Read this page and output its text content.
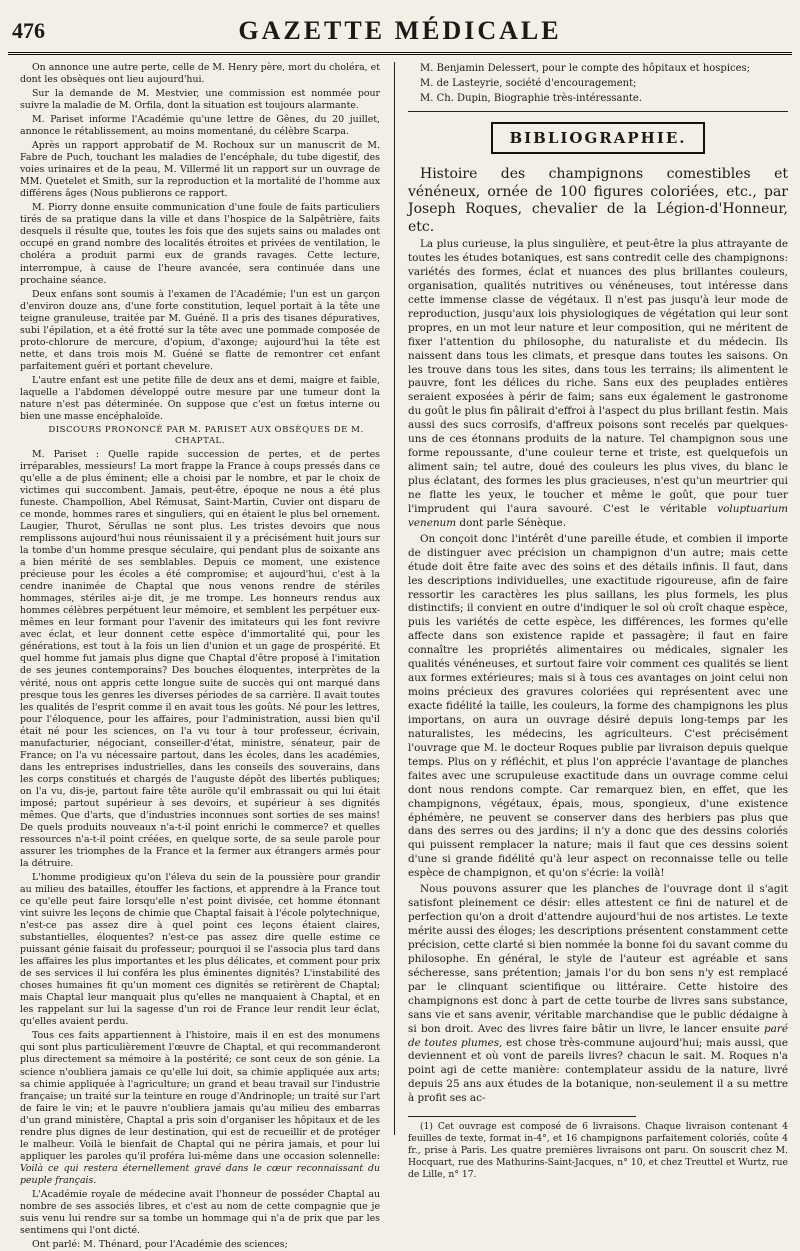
476	GAZETTE MÉDICALE

On annonce une autre perte, celle de M. Henry père, mort du choléra, et dont les obsèques ont lieu aujourd'hui.

Sur la demande de M. Mestvier, une commission est nommée pour suivre la maladie de M. Orfila, dont la situation est toujours alarmante.

M. Pariset informe l'Académie qu'une lettre de Gênes, du 20 juillet, annonce le rétablissement, au moins momentané, du célèbre Scarpa.

Après un rapport approbatif de M. Rochoux sur un manuscrit de M. Fabre de Puch, touchant les maladies de l'encéphale, du tube digestif, des voies urinaires et de la peau, M. Villermé lit un rapport sur un ouvrage de MM. Quetelet et Smith, sur la reproduction et la mortalité de l'homme aux différens âges (Nous publierons ce rapport.

M. Piorry donne ensuite communication d'une foule de faits particuliers tirés de sa pratique dans la ville et dans l'hospice de la Salpêtrière, faits desquels il résulte que, toutes les fois que des sujets sains ou malades ont occupé en grand nombre des localités étroites et privées de ventilation, le choléra a produit parmi eux de grands ravages. Cette lecture, interrompue, à cause de l'heure avancée, sera continuée dans une prochaine séance.

Deux enfans sont soumis à l'examen de l'Académie; l'un est un garçon d'environ douze ans, d'une forte constitution, lequel portait à la tête une teigne granuleuse, traitée par M. Guéné. Il a pris des tisanes dépuratives, subi l'épilation, et a été frotté sur la tête avec une pommade composée de proto-chlorure de mercure, d'opium, d'axonge; aujourd'hui la tête est nette, et dans trois mois M. Guéné se flatte de remontrer cet enfant parfaitement guéri et portant chevelure.

L'autre enfant est une petite fille de deux ans et demi, maigre et faible, laquelle a l'abdomen développé outre mesure par une tumeur dont la nature n'est pas déterminée. On suppose que c'est un fœtus interne ou bien une masse encéphaloïde.

DISCOURS PRONONCÉ PAR M. PARISET AUX OBSÈQUES DE M. CHAPTAL.

M. Pariset : Quelle rapide succession de pertes, et de pertes irréparables, messieurs! La mort frappe la France à coups pressés dans ce qu'elle a de plus éminent; elle a choisi par le nombre, et par le choix de victimes qui succombent. Jamais, peut-être, époque ne nous a été plus funeste. Champollion, Abel Rémusat, Saint-Martin, Cuvier ont disparu de ce monde, hommes rares et singuliers, qui en étaient le plus bel ornement. Laugier, Thurot, Sérullas ne sont plus. Les tristes devoirs que nous remplissons aujourd'hui nous réunissaient il y a précisément huit jours sur la tombe d'un homme presque séculaire, qui pendant plus de soixante ans a bien mérité de ses semblables. Depuis ce moment, une existence précieuse pour les écoles a été compromise; et aujourd'hui, c'est à la cendre inanimée de Chaptal que nous venons rendre de stériles hommages, stériles ai-je dit, je me trompe. Les honneurs rendus aux hommes célèbres perpétuent leur mémoire, et semblent les perpétuer eux-mêmes en leur formant pour l'avenir des imitateurs qui les font revivre avec éclat, et leur donnent cette espèce d'immortalité qui, pour les générations, est tout à la fois un lien d'union et un gage de prospérité. Et quel homme fut jamais plus digne que Chaptal d'être proposé à l'imitation de ses jeunes contemporains? Des bouches éloquentes, interprètes de la vérité, nous ont appris cette longue suite de succès qui ont marqué dans presque tous les genres les diverses périodes de sa carrière. Il avait toutes les qualités de l'esprit comme il en avait tous les goûts. Né pour les lettres, pour l'éloquence, pour les affaires, pour l'administration, aussi bien qu'il était né pour les sciences, on l'a vu tour à tour professeur, écrivain, manufacturier, négociant, conseiller-d'état, ministre, sénateur, pair de France; on l'a vu nécessaire partout, dans les écoles, dans les académies, dans les entreprises industrielles, dans les conseils des souverains, dans les corps constitués et chargés de l'auguste dépôt des libertés publiques; on l'a vu, dis-je, partout faire tête auröle qu'il embrassait ou qui lui était imposé; partout supérieur à ses devoirs, et supérieur à ses dignités mêmes. Que d'arts, que d'industries inconnues sont sorties de ses mains! De quels produits nouveaux n'a-t-il point enrichi le commerce? et quelles ressources n'a-t-il point créées, en quelque sorte, de sa seule parole pour assurer les triomphes de la France et la fermer aux étrangers armés pour la détruire.

L'homme prodigieux qu'on l'éleva du sein de la poussière pour grandir au milieu des batailles, étouffer les factions, et apprendre à la France tout ce qu'elle peut faire lorsqu'elle n'est point divisée, cet homme étonnant vint suivre les leçons de chimie que Chaptal faisait à l'école polytechnique, n'est-ce pas assez dire à quel point ces leçons étaient claires, substantielles, éloquentes? n'est-ce pas assez dire quelle estime ce puissant génie faisait du professeur; pourquoi il se l'associa plus tard dans les affaires les plus importantes et les plus délicates, et comment pour prix de ses services il lui conféra les plus éminentes dignités? L'instabilité des choses humaines fit qu'un moment ces dignités se retirèrent de Chaptal; mais Chaptal leur manquait plus qu'elles ne manquaient à Chaptal, et en les rappelant sur lui la sagesse d'un roi de France leur rendit leur éclat, qu'elles avaient perdu.

Tous ces faits appartiennent à l'histoire, mais il en est des monumens qui sont plus particulièrement l'œuvre de Chaptal, et qui recommanderont plus directement sa mémoire à la postérité; ce sont ceux de son génie. La science n'oubliera jamais ce qu'elle lui doit, sa chimie appliquée aux arts; sa chimie appliquée à l'agriculture; un grand et beau travail sur l'industrie française; un traité sur la teinture en rouge d'Andrinople; un traité sur l'art de faire le vin; et le pauvre n'oubliera jamais qu'au milieu des embarras d'un grand ministère, Chaptal a pris soin d'organiser les hôpitaux et de les rendre plus dignes de leur destination, qui est de recueillir et de protéger le malheur. Voilà le bienfait de Chaptal qui ne périra jamais, et pour lui appliquer les paroles qu'il proféra lui-même dans une occasion solennelle: Voilà ce qui restera éternellement gravé dans le cœur reconnaissant du peuple français.

L'Académie royale de médecine avait l'honneur de posséder Chaptal au nombre de ses associés libres, et c'est au nom de cette compagnie que je suis venu lui rendre sur sa tombe un hommage qui n'a de prix que par les sentimens qui l'ont dicté.

Ont parlé: M. Thénard, pour l'Académie des sciences;

M. Benjamin Delessert, pour le compte des hôpitaux et hospices;

M. de Lasteyrie, société d'encouragement;

M. Ch. Dupin, Biographie très-intéressante.

BIBLIOGRAPHIE.

Histoire des champignons comestibles et vénéneux, ornée de 100 figures coloriées, etc., par Joseph Roques, chevalier de la Légion-d'Honneur, etc.

La plus curieuse, la plus singulière, et peut-être la plus attrayante de toutes les études botaniques, est sans contredit celle des champignons: variétés des formes, éclat et nuances des plus brillantes couleurs, organisation, qualités nutritives ou vénéneuses, tout intéresse dans cette immense classe de végétaux. Il n'est pas jusqu'à leur mode de reproduction, jusqu'aux lois physiologiques de végétation qui leur sont propres, en un mot leur nature et leur composition, qui ne méritent de fixer l'attention du philosophe, du naturaliste et du médecin. Ils naissent dans tous les climats, et presque dans toutes les saisons. On les trouve dans tous les sites, dans tous les terrains; ils alimentent le pauvre, font les délices du riche. Sans eux des peuplades entières seraient exposées à périr de faim; sans eux également le gastronome du goût le plus fin pâlirait d'effroi à l'aspect du plus brillant festin. Mais aussi des sucs corrosifs, d'affreux poisons sont recelés par quelques-uns de ces étonnans produits de la nature. Tel champignon sous une forme repoussante, d'une couleur terne et triste, est quelquefois un aliment sain; tel autre, doué des couleurs les plus vives, du blanc le plus éclatant, des formes les plus gracieuses, n'est qu'un meurtrier qui ne flatte les yeux, le toucher et même le goût, que pour tuer l'imprudent qui l'aura savouré. C'est le véritable voluptuarium venenum dont parle Sénèque.

On conçoit donc l'intérêt d'une pareille étude, et combien il importe de distinguer avec précision un champignon d'un autre; mais cette étude doit être faite avec des soins et des détails infinis. Il faut, dans les descriptions individuelles, une exactitude rigoureuse, afin de faire ressortir les caractères les plus saillans, les plus formels, les plus distinctifs; il convient en outre d'indiquer le sol où croît chaque espèce, puis les variétés de cette espèce, les différences, les formes qu'elle affecte dans son existence rapide et passagère; il faut en faire connaître les propriétés alimentaires ou médicales, signaler les qualités vénéneuses, et surtout faire voir comment ces qualités se lient aux formes extérieures; mais si à tous ces avantages on joint celui non moins précieux des gravures coloriées qui représentent avec une exacte fidélité la taille, les couleurs, la forme des champignons les plus importans, on aura un ouvrage désiré depuis long-temps par les naturalistes, les médecins, les agriculteurs. C'est précisément l'ouvrage que M. le docteur Roques publie par livraison depuis quelque temps. Plus on y réfléchit, et plus l'on apprécie l'avantage de planches faites avec une scrupuleuse exactitude dans un ouvrage comme celui dont nous rendons compte. Car remarquez bien, en effet, que les champignons, végétaux, épais, mous, spongieux, d'une existence éphémère, ne peuvent se conserver dans des herbiers pas plus que dans des serres ou des jardins; il n'y a donc que des dessins coloriés qui puissent remplacer la nature; mais il faut que ces dessins soient d'une si grande fidélité qu'à leur aspect on reconnaisse telle ou telle espèce de champignon, et qu'on s'écrie: la voilà!

Nous pouvons assurer que les planches de l'ouvrage dont il s'agit satisfont pleinement ce désir: elles attestent ce fini de naturel et de perfection qu'on a droit d'attendre aujourd'hui de nos artistes. Le texte mérite aussi des éloges; les descriptions présentent constamment cette précision, cette clarté si bien nommée la bonne foi du savant comme du philosophe. En général, le style de l'auteur est agréable et sans sécheresse, sans prétention; jamais l'or du bon sens n'y est remplacé par le clinquant scientifique ou littéraire. Cette histoire des champignons est donc à part de cette tourbe de livres sans substance, sans vie et sans avenir, véritable marchandise que le public dédaigne à si bon droit. Avec des livres faire bâtir un livre, le lancer ensuite paré de toutes plumes, est chose très-commune aujourd'hui; mais aussi, que deviennent et où vont de pareils livres? chacun le sait. M. Roques n'a point agi de cette manière: contemplateur assidu de la nature, livré depuis 25 ans aux études de la botanique, non-seulement il a su mettre à profit ses ac-

(1) Cet ouvrage est composé de 6 livraisons. Chaque livraison contenant 4 feuilles de texte, format in-4°, et 16 champignons parfaitement coloriés, coûte 4 fr., prise à Paris. Les quatre premières livraisons ont paru. On souscrit chez M. Hocquart, rue des Mathurins-Saint-Jacques, n° 10, et chez Treuttel et Wurtz, rue de Lille, n° 17.
